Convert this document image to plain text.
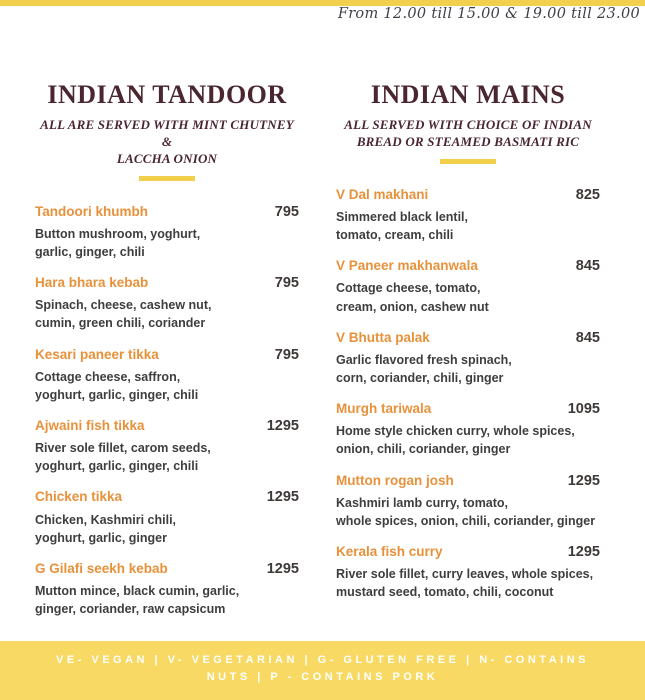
From 12.00 till 15.00 & 19.00 till 23.00
INDIAN TANDOOR
ALL ARE SERVED WITH MINT CHUTNEY &
LACCHA ONION
Tandoori khumbh	795
Button mushroom, yoghurt,
garlic, ginger, chili
Hara bhara kebab	795
Spinach, cheese, cashew nut,
cumin, green chili, coriander
Kesari paneer tikka	795
Cottage cheese, saffron,
yoghurt, garlic, ginger, chili
Ajwaini fish tikka	1295
River sole fillet, carom seeds,
yoghurt, garlic, ginger, chili
Chicken tikka	1295
Chicken, Kashmiri chili,
yoghurt, garlic, ginger
G Gilafi seekh kebab	1295
Mutton mince, black cumin, garlic,
ginger, coriander, raw capsicum
INDIAN MAINS
ALL SERVED WITH CHOICE OF INDIAN
BREAD OR STEAMED BASMATI RIC
V Dal makhani	825
Simmered black lentil,
tomato, cream, chili
V Paneer makhanwala	845
Cottage cheese, tomato,
cream, onion, cashew nut
V Bhutta palak	845
Garlic flavored fresh spinach,
corn, coriander, chili, ginger
Murgh tariwala	1095
Home style chicken curry, whole spices,
onion, chili, coriander, ginger
Mutton rogan josh	1295
Kashmiri lamb curry, tomato,
whole spices, onion, chili, coriander, ginger
Kerala fish curry	1295
River sole fillet, curry leaves, whole spices,
mustard seed, tomato, chili, coconut
VE- VEGAN | V- VEGETARIAN | G- GLUTEN FREE | N- CONTAINS
NUTS | P - CONTAINS PORK
